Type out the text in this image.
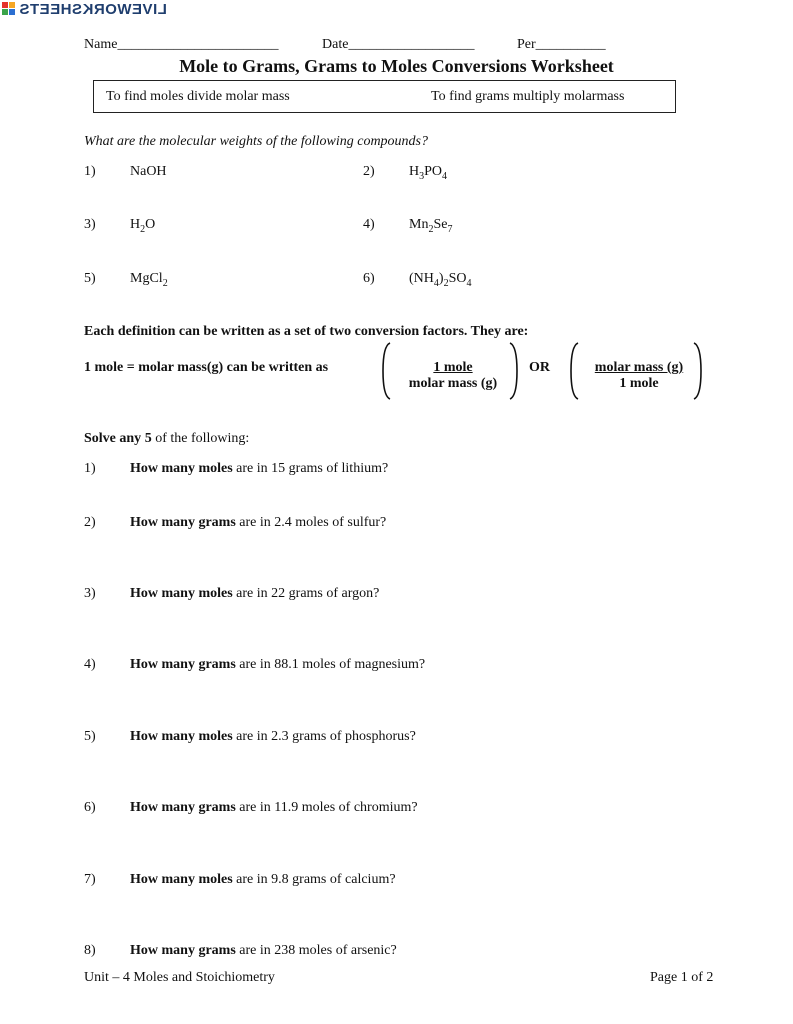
LIVEWORKSHEETS
Name_______________________	Date__________________	Per__________
Mole to Grams, Grams to Moles Conversions Worksheet
To find moles divide molar mass	To find grams multiply molarmass
What are the molecular weights of the following compounds?
1) NaOH	2) $H_3PO_4$
3) $H_2O$	4) $Mn_2Se_7$
5) MgCl$_2$	6) $(NH_4)_2SO_4$
Each definition can be written as a set of two conversion factors. They are:
1 mole = molar mass(g) can be written as	1 mole
molar mass (g)
OR	molar mass (g)
1 mole
Solve any 5 of the following:
1) How many moles are in 15 grams of lithium?
2) How many grams are in 2.4 moles of sulfur?
3) How many moles are in 22 grams of argon?
4) How many grams are in 88.1 moles of magnesium?
5) How many moles are in 2.3 grams of phosphorus?
6) How many grams are in 11.9 moles of chromium?
7) How many moles are in 9.8 grams of calcium?
8) How many grams are in 238 moles of arsenic?
Unit – 4 Moles and Stoichiometry	Page 1 of 2
